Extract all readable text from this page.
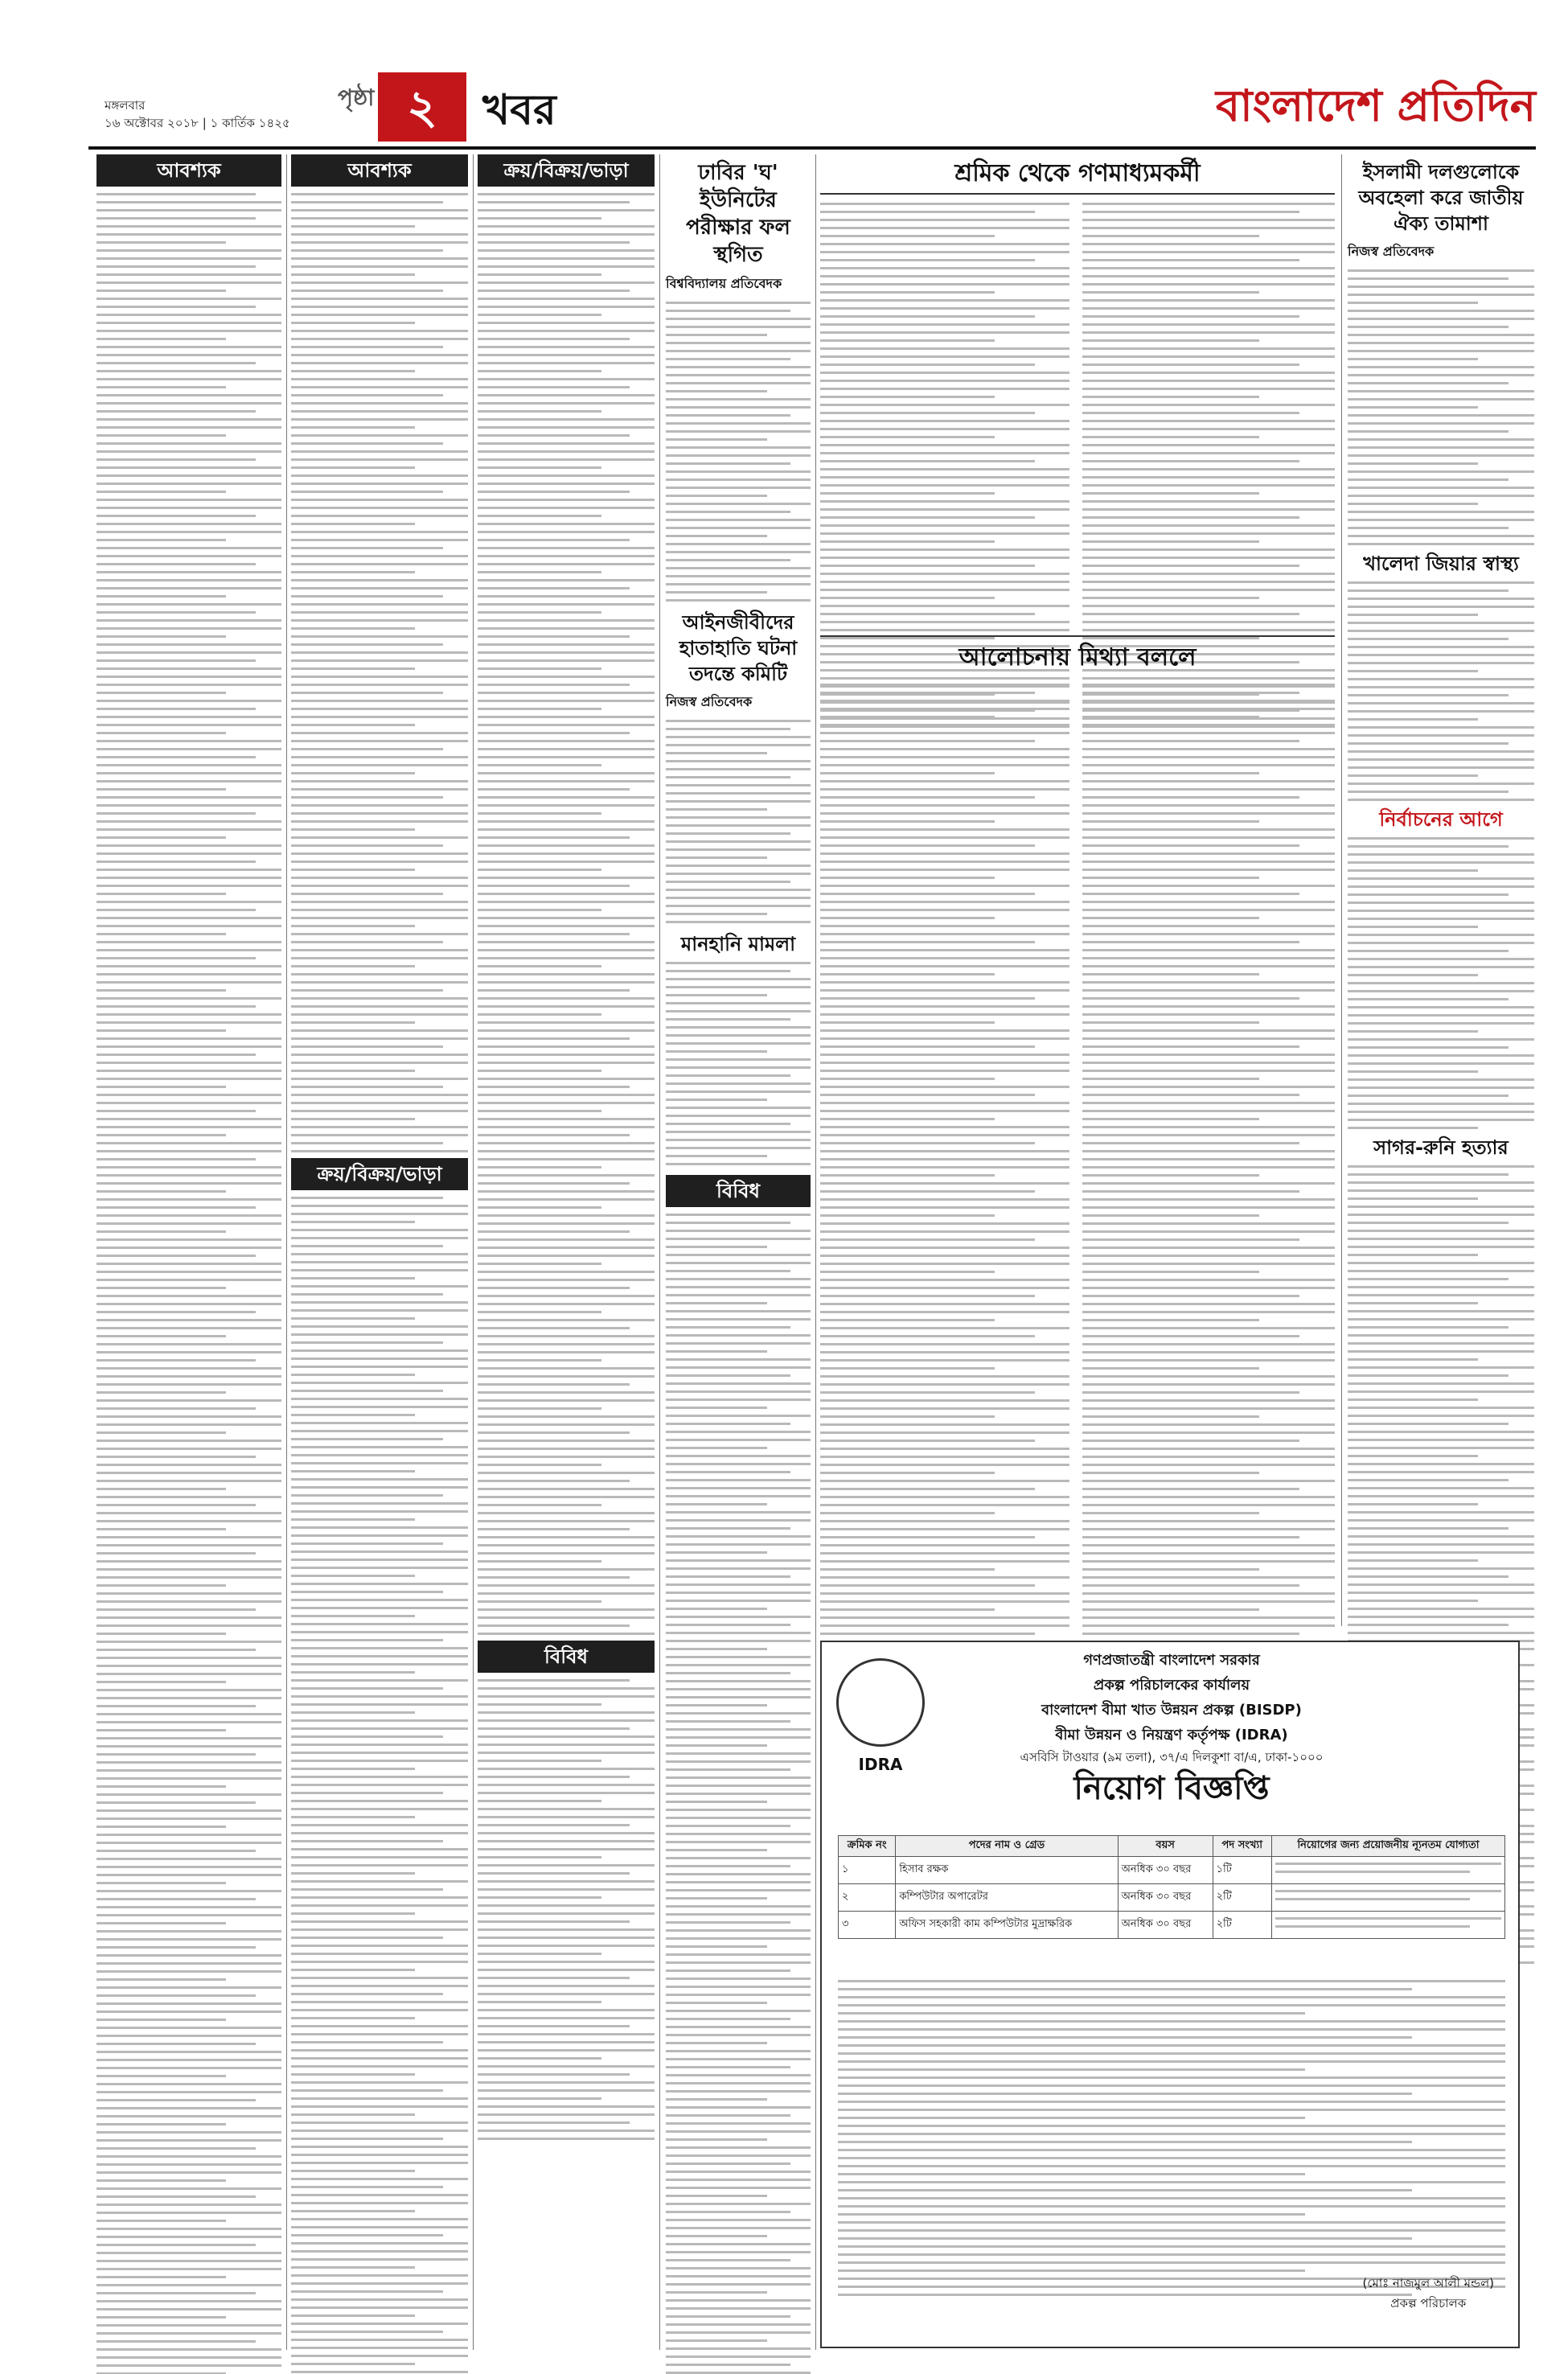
মঙ্গলবার
১৬ অক্টোবর ২০১৮ | ১ কার্তিক ১৪২৫
পৃষ্ঠা ২	খবর	বাংলাদেশ প্রতিদিন
আবশ্যক	আবশ্যক
ক্রয়/বিক্রয়/ভাড়া
ক্রয়/বিক্রয়/ভাড়া
বিবিধ
ঢাবির 'ঘ' ইউনিটের পরীক্ষার ফল স্থগিত
বিশ্ববিদ্যালয় প্রতিবেদক
আইনজীবীদের হাতাহাতি ঘটনা তদন্তে কমিটি
নিজস্ব প্রতিবেদক
মানহানি মামলা
বিবিধ
শ্রমিক থেকে গণমাধ্যমকর্মী
আলোচনায় মিথ্যা বললে
ইসলামী দলগুলোকে অবহেলা করে জাতীয় ঐক্য তামাশা
নিজস্ব প্রতিবেদক
খালেদা জিয়ার স্বাস্থ্য
নির্বাচনের আগে
সাগর-রুনি হত্যার
IDRA
গণপ্রজাতন্ত্রী বাংলাদেশ সরকার
প্রকল্প পরিচালকের কার্যালয়
বাংলাদেশ বীমা খাত উন্নয়ন প্রকল্প (BISDP)
বীমা উন্নয়ন ও নিয়ন্ত্রণ কর্তৃপক্ষ (IDRA)
এসবিসি টাওয়ার (৯ম তলা), ৩৭/এ দিলকুশা বা/এ, ঢাকা-১০০০
নিয়োগ বিজ্ঞপ্তি
ক্রমিক নং	পদের নাম ও গ্রেড	বয়স	পদ সংখ্যা	নিয়োগের জন্য প্রয়োজনীয় ন্যূনতম যোগ্যতা
১	হিসাব রক্ষক	অনধিক ৩০ বছর	১টি	

২	কম্পিউটার অপারেটর	অনধিক ৩০ বছর	২টি	

৩	অফিস সহকারী কাম কম্পিউটার মুদ্রাক্ষরিক	অনধিক ৩০ বছর	২টি	
(মোঃ নাজমুল আলী মন্ডল)
প্রকল্প পরিচালক
